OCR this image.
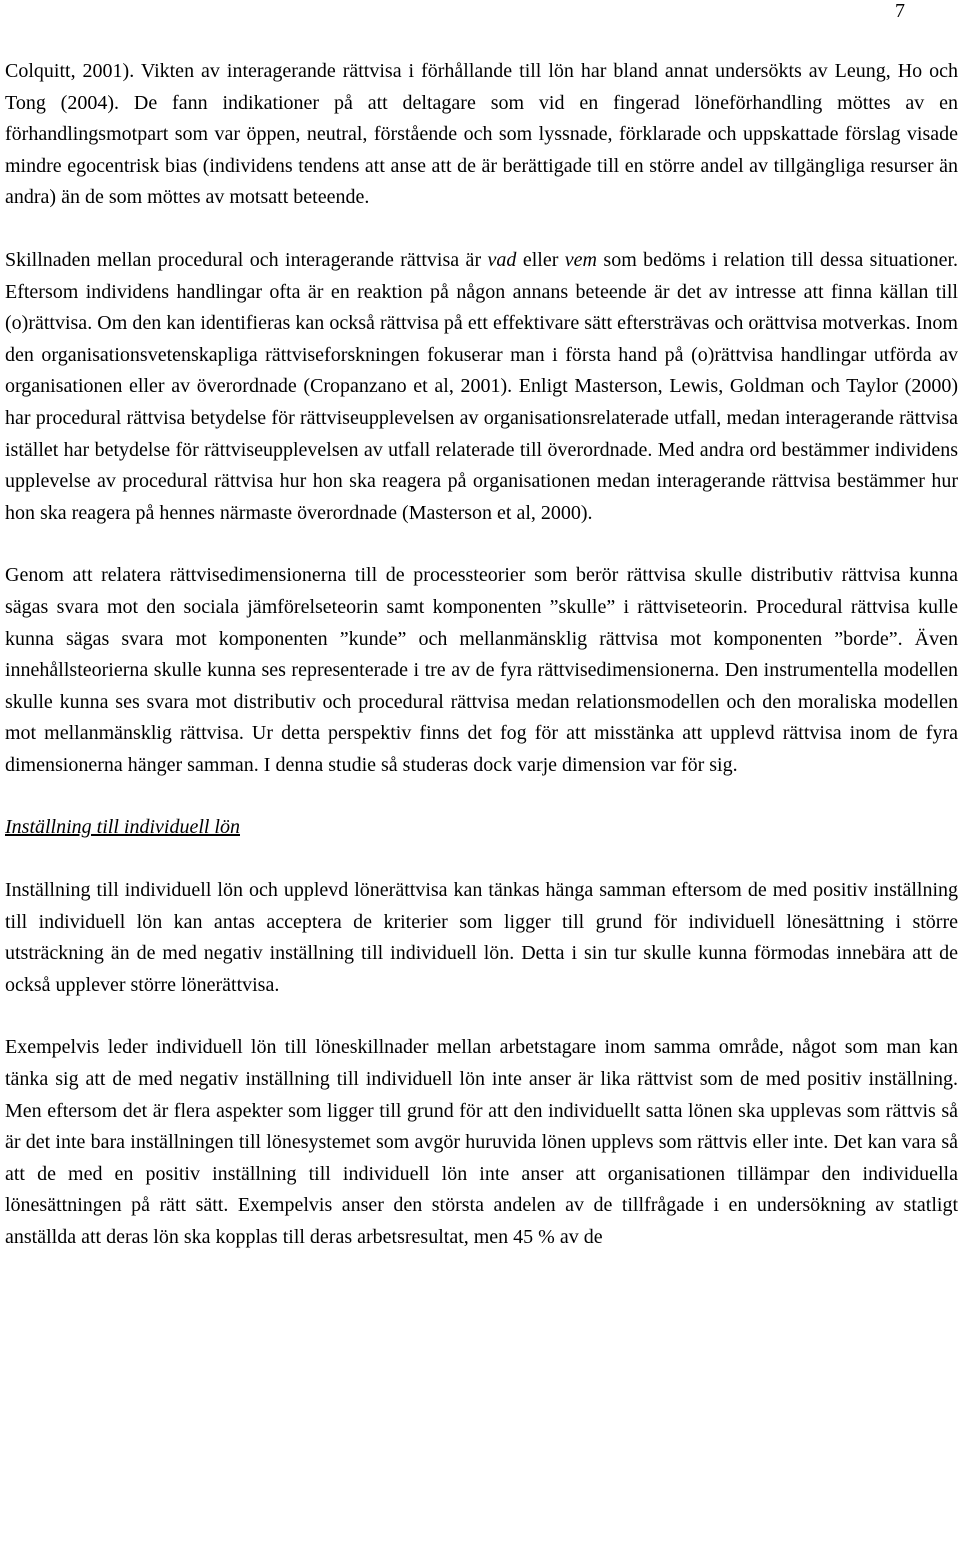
7

Colquitt, 2001). Vikten av interagerande rättvisa i förhållande till lön har bland annat undersökts av Leung, Ho och Tong (2004). De fann indikationer på att deltagare som vid en fingerad löneförhandling möttes av en förhandlingsmotpart som var öppen, neutral, förstående och som lyssnade, förklarade och uppskattade förslag visade mindre egocentrisk bias (individens tendens att anse att de är berättigade till en större andel av tillgängliga resurser än andra) än de som möttes av motsatt beteende.

Skillnaden mellan procedural och interagerande rättvisa är vad eller vem som bedöms i relation till dessa situationer. Eftersom individens handlingar ofta är en reaktion på någon annans beteende är det av intresse att finna källan till (o)rättvisa. Om den kan identifieras kan också rättvisa på ett effektivare sätt eftersträvas och orättvisa motverkas. Inom den organisationsvetenskapliga rättviseforskningen fokuserar man i första hand på (o)rättvisa handlingar utförda av organisationen eller av överordnade (Cropanzano et al, 2001). Enligt Masterson, Lewis, Goldman och Taylor (2000) har procedural rättvisa betydelse för rättviseupplevelsen av organisationsrelaterade utfall, medan interagerande rättvisa istället har betydelse för rättviseupplevelsen av utfall relaterade till överordnade. Med andra ord bestämmer individens upplevelse av procedural rättvisa hur hon ska reagera på organisationen medan interagerande rättvisa bestämmer hur hon ska reagera på hennes närmaste överordnade (Masterson et al, 2000).

Genom att relatera rättvisedimensionerna till de processteorier som berör rättvisa skulle distributiv rättvisa kunna sägas svara mot den sociala jämförelseteorin samt komponenten ”skulle” i rättviseteorin. Procedural rättvisa kulle kunna sägas svara mot komponenten ”kunde” och mellanmänsklig rättvisa mot komponenten ”borde”. Även innehållsteorierna skulle kunna ses representerade i tre av de fyra rättvisedimensionerna. Den instrumentella modellen skulle kunna ses svara mot distributiv och procedural rättvisa medan relationsmodellen och den moraliska modellen mot mellanmänsklig rättvisa. Ur detta perspektiv finns det fog för att misstänka att upplevd rättvisa inom de fyra dimensionerna hänger samman. I denna studie så studeras dock varje dimension var för sig.

Inställning till individuell lön

Inställning till individuell lön och upplevd lönerättvisa kan tänkas hänga samman eftersom de med positiv inställning till individuell lön kan antas acceptera de kriterier som ligger till grund för individuell lönesättning i större utsträckning än de med negativ inställning till individuell lön. Detta i sin tur skulle kunna förmodas innebära att de också upplever större lönerättvisa.

Exempelvis leder individuell lön till löneskillnader mellan arbetstagare inom samma område, något som man kan tänka sig att de med negativ inställning till individuell lön inte anser är lika rättvist som de med positiv inställning. Men eftersom det är flera aspekter som ligger till grund för att den individuellt satta lönen ska upplevas som rättvis så är det inte bara inställningen till lönesystemet som avgör huruvida lönen upplevs som rättvis eller inte. Det kan vara så att de med en positiv inställning till individuell lön inte anser att organisationen tillämpar den individuella lönesättningen på rätt sätt. Exempelvis anser den största andelen av de tillfrågade i en undersökning av statligt anställda att deras lön ska kopplas till deras arbetsresultat, men 45 % av de
